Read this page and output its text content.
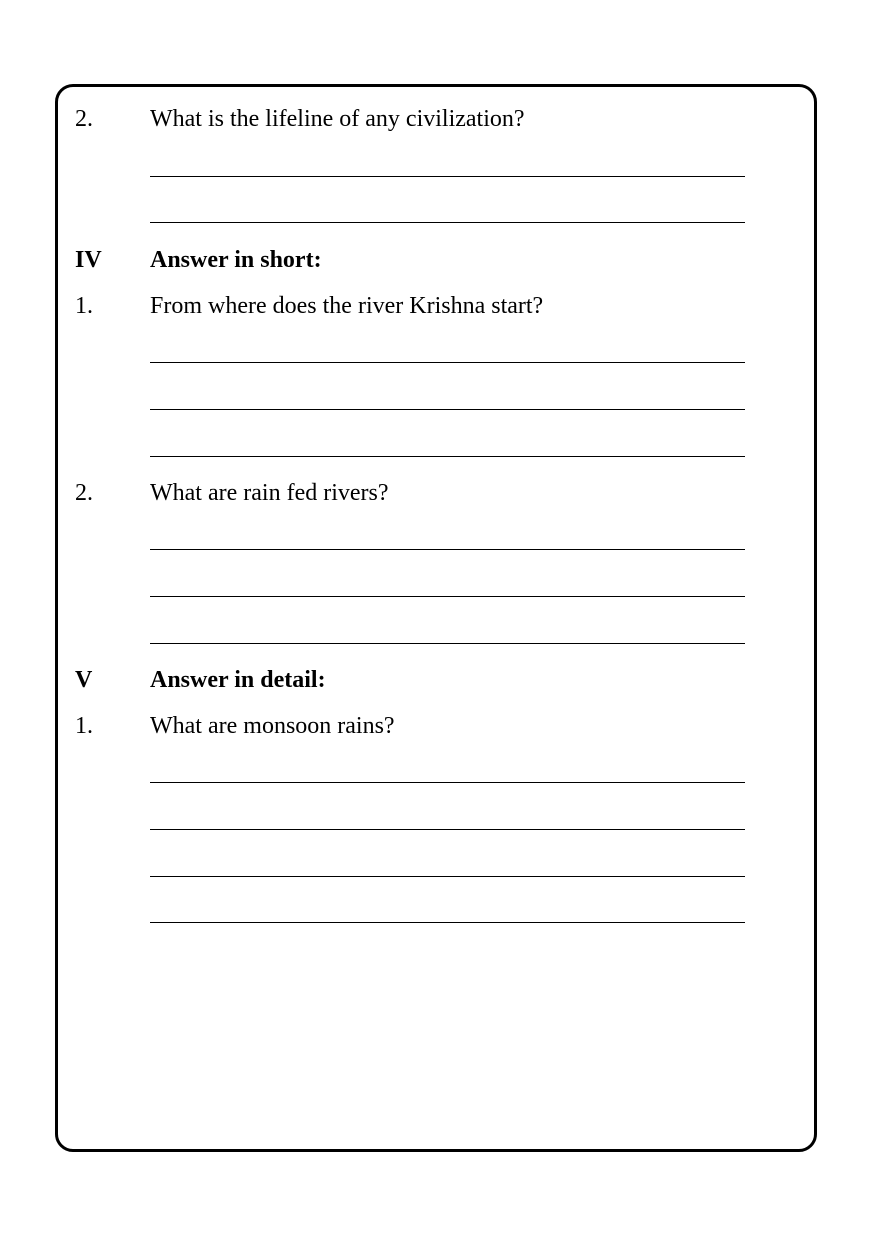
2. What is the lifeline of any civilization?
IV Answer in short:
1. From where does the river Krishna start?
2. What are rain fed rivers?
V Answer in detail:
1. What are monsoon rains?
